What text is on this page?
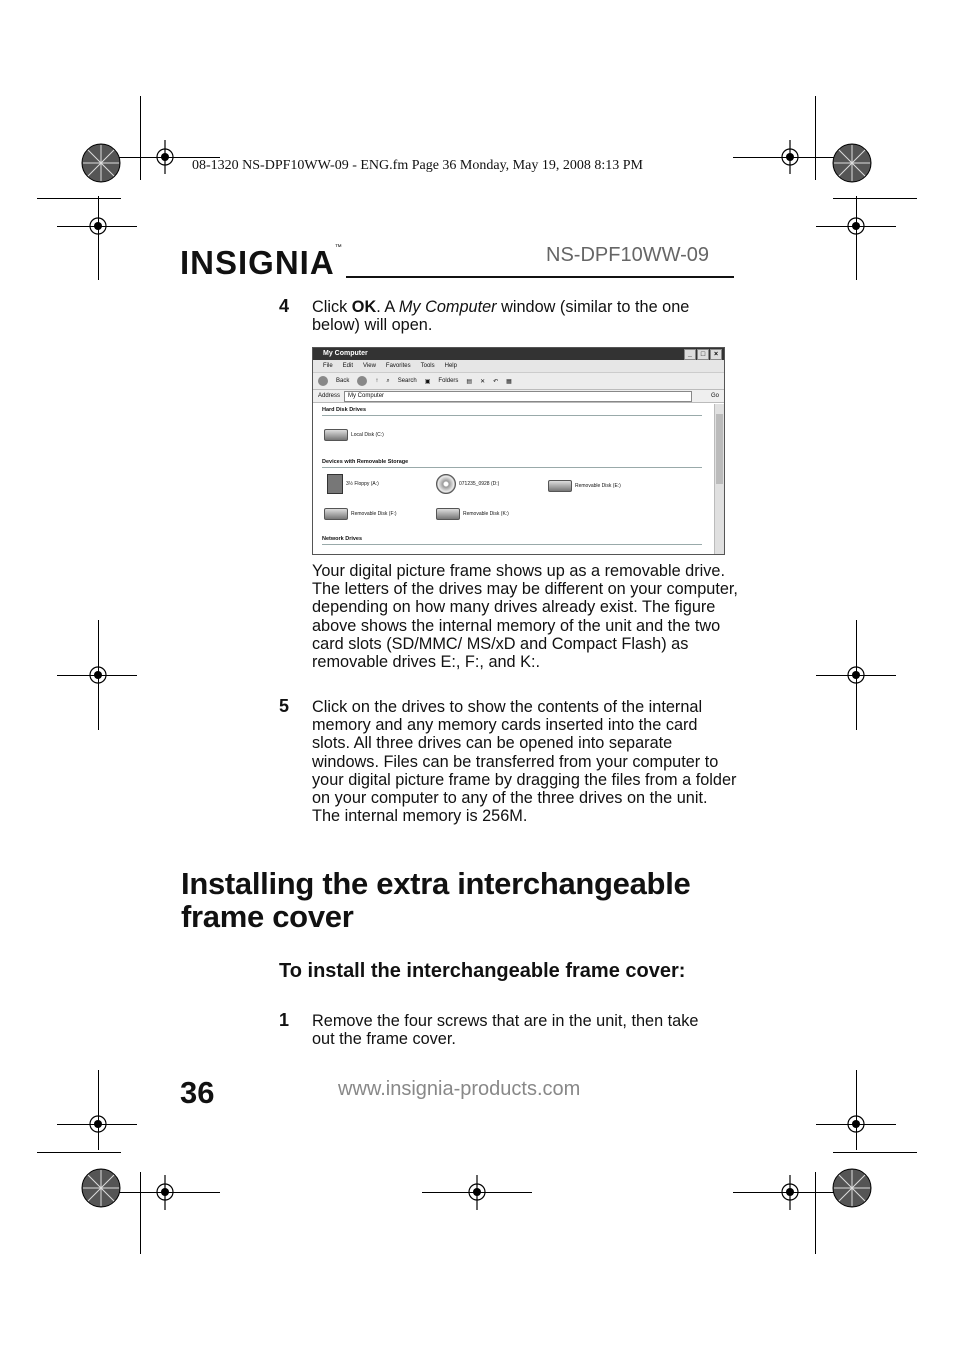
08-1320 NS-DPF10WW-09 - ENG.fm Page 36 Monday, May 19, 2008 8:13 PM
INSIGNIA™	NS-DPF10WW-09
4 Click OK. A My Computer window (similar to the one below) will open.
My Computer	_	□	×
File Edit View Favorites Tools Help
Back	↑ ⌕ Search ▣ Folders ▤ ✕ ↶ ▦
Address	My Computer	Go
Hard Disk Drives
Local Disk (C:)
Devices with Removable Storage
3½ Floppy (A:)	071235_0928 (D:)	Removable Disk (E:)
Removable Disk (F:)	Removable Disk (K:)
Network Drives
Your digital picture frame shows up as a removable drive. The letters of the drives may be different on your computer, depending on how many drives already exist. The figure above shows the internal memory of the unit and the two card slots (SD/MMC/ MS/xD and Compact Flash) as removable drives E:, F:, and K:.
5 Click on the drives to show the contents of the internal memory and any memory cards inserted into the card slots. All three drives can be opened into separate windows. Files can be transferred from your computer to your digital picture frame by dragging the files from a folder on your computer to any of the three drives on the unit. The internal memory is 256M.
Installing the extra interchangeable frame cover
To install the interchangeable frame cover:
1 Remove the four screws that are in the unit, then take out the frame cover.
36	www.insignia-products.com
